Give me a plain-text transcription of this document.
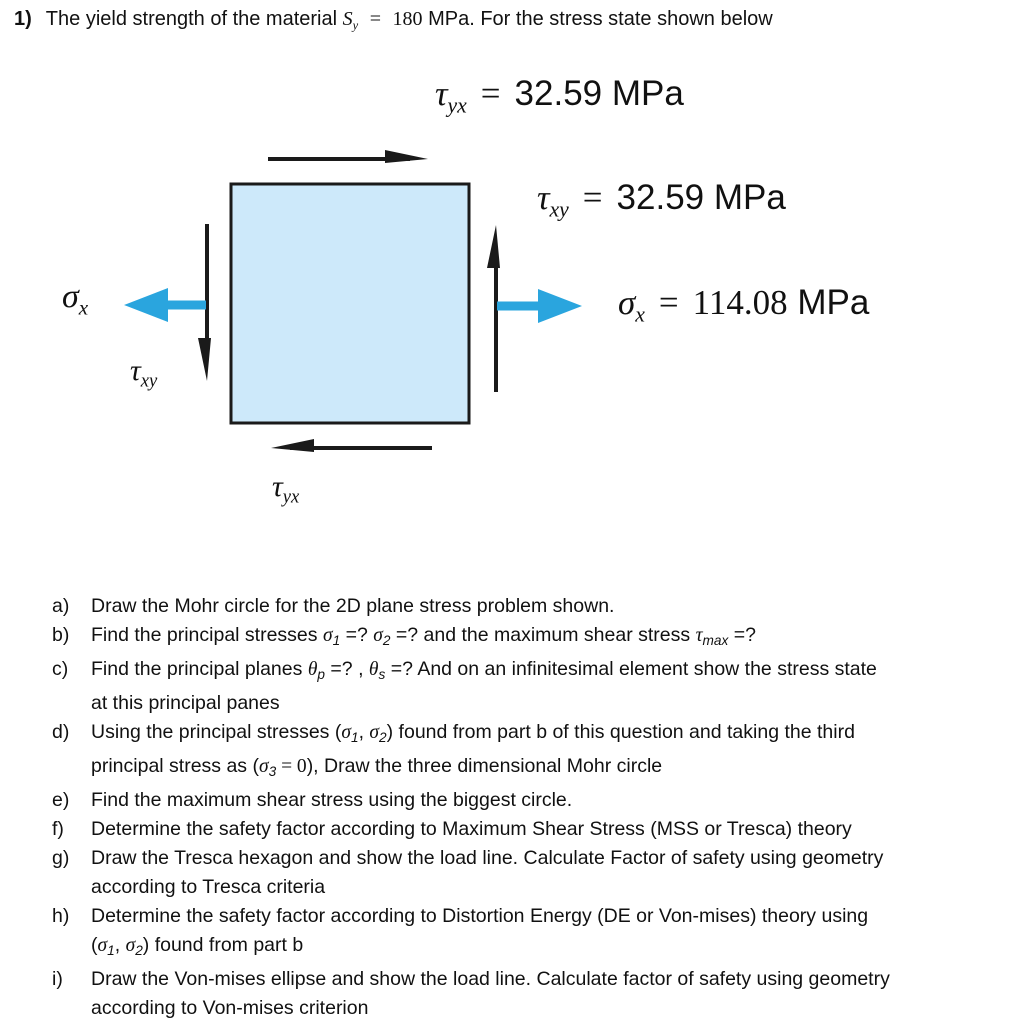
1) The yield strength of the material $S_y = 180$ MPa. For the stress state shown below
$\sigma_x$
$\tau_{xy}$
$\tau_{yx}$
$\tau_{yx} = 32.59$ MPa
$\tau_{xy} = 32.59$ MPa
$\sigma_x = 114.08$ MPa
a)	Draw the Mohr circle for the 2D plane stress problem shown.
b)	Find the principal stresses $\sigma_1$ =? $\sigma_2$ =? and the maximum shear stress $\tau_{max}$ =?
c)	Find the principal planes $\theta_p$ =? , $\theta_s$ =? And on an infinitesimal element show the stress state
at this principal panes
d)	Using the principal stresses ($\sigma_1$, $\sigma_2$) found from part b of this question and taking the third
principal stress as $(\sigma_3 = 0)$, Draw the three dimensional Mohr circle
e)	Find the maximum shear stress using the biggest circle.
f)	Determine the safety factor according to Maximum Shear Stress (MSS or Tresca) theory
g)	Draw the Tresca hexagon and show the load line. Calculate Factor of safety using geometry
according to Tresca criteria
h)	Determine the safety factor according to Distortion Energy (DE or Von-mises) theory using
($\sigma_1$, $\sigma_2$) found from part b
i)	Draw the Von-mises ellipse and show the load line. Calculate factor of safety using geometry
according to Von-mises criterion
